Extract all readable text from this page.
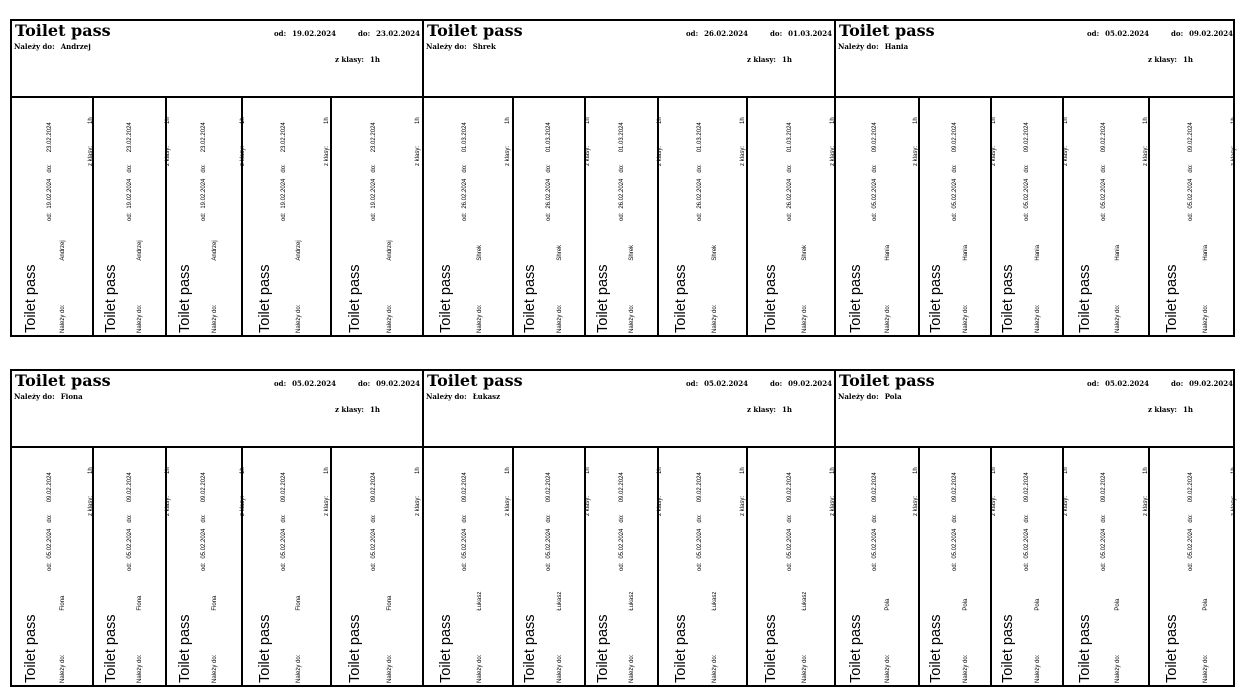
Toilet pass
Należy do: Andrzej
od: 19.02.2024	do: 23.02.2024
z klasy: 1h
Toilet pass
od:19.02.2024do:23.02.2024
Należy do:Andrzej
z klasy:1h
Toilet pass
od:19.02.2024do:23.02.2024
Należy do:Andrzej
z klasy:1h
Toilet pass
od:19.02.2024do:23.02.2024
Należy do:Andrzej
z klasy:1h
Toilet pass
od:19.02.2024do:23.02.2024
Należy do:Andrzej
z klasy:1h
Toilet pass
od:19.02.2024do:23.02.2024
Należy do:Andrzej
z klasy:1h
Toilet pass
Należy do: Shrek
od: 26.02.2024	do: 01.03.2024
z klasy: 1h
Toilet pass
od:26.02.2024do:01.03.2024
Należy do:Shrek
z klasy:1h
Toilet pass
od:26.02.2024do:01.03.2024
Należy do:Shrek
z klasy:1h
Toilet pass
od:26.02.2024do:01.03.2024
Należy do:Shrek
z klasy:1h
Toilet pass
od:26.02.2024do:01.03.2024
Należy do:Shrek
z klasy:1h
Toilet pass
od:26.02.2024do:01.03.2024
Należy do:Shrek
z klasy:1h
Toilet pass
Należy do: Hania
od: 05.02.2024	do: 09.02.2024
z klasy: 1h
Toilet pass
od:05.02.2024do:09.02.2024
Należy do:Hania
z klasy:1h
Toilet pass
od:05.02.2024do:09.02.2024
Należy do:Hania
z klasy:1h
Toilet pass
od:05.02.2024do:09.02.2024
Należy do:Hania
z klasy:1h
Toilet pass
od:05.02.2024do:09.02.2024
Należy do:Hania
z klasy:1h
Toilet pass
od:05.02.2024do:09.02.2024
Należy do:Hania
z klasy:1h
Toilet pass
Należy do: Fiona
od: 05.02.2024	do: 09.02.2024
z klasy: 1h
Toilet pass
od:05.02.2024do:09.02.2024
Należy do:Fiona
z klasy:1h
Toilet pass
od:05.02.2024do:09.02.2024
Należy do:Fiona
z klasy:1h
Toilet pass
od:05.02.2024do:09.02.2024
Należy do:Fiona
z klasy:1h
Toilet pass
od:05.02.2024do:09.02.2024
Należy do:Fiona
z klasy:1h
Toilet pass
od:05.02.2024do:09.02.2024
Należy do:Fiona
z klasy:1h
Toilet pass
Należy do: Łukasz
od: 05.02.2024	do: 09.02.2024
z klasy: 1h
Toilet pass
od:05.02.2024do:09.02.2024
Należy do:Łukasz
z klasy:1h
Toilet pass
od:05.02.2024do:09.02.2024
Należy do:Łukasz
z klasy:1h
Toilet pass
od:05.02.2024do:09.02.2024
Należy do:Łukasz
z klasy:1h
Toilet pass
od:05.02.2024do:09.02.2024
Należy do:Łukasz
z klasy:1h
Toilet pass
od:05.02.2024do:09.02.2024
Należy do:Łukasz
z klasy:1h
Toilet pass
Należy do: Pola
od: 05.02.2024	do: 09.02.2024
z klasy: 1h
Toilet pass
od:05.02.2024do:09.02.2024
Należy do:Pola
z klasy:1h
Toilet pass
od:05.02.2024do:09.02.2024
Należy do:Pola
z klasy:1h
Toilet pass
od:05.02.2024do:09.02.2024
Należy do:Pola
z klasy:1h
Toilet pass
od:05.02.2024do:09.02.2024
Należy do:Pola
z klasy:1h
Toilet pass
od:05.02.2024do:09.02.2024
Należy do:Pola
z klasy:1h
